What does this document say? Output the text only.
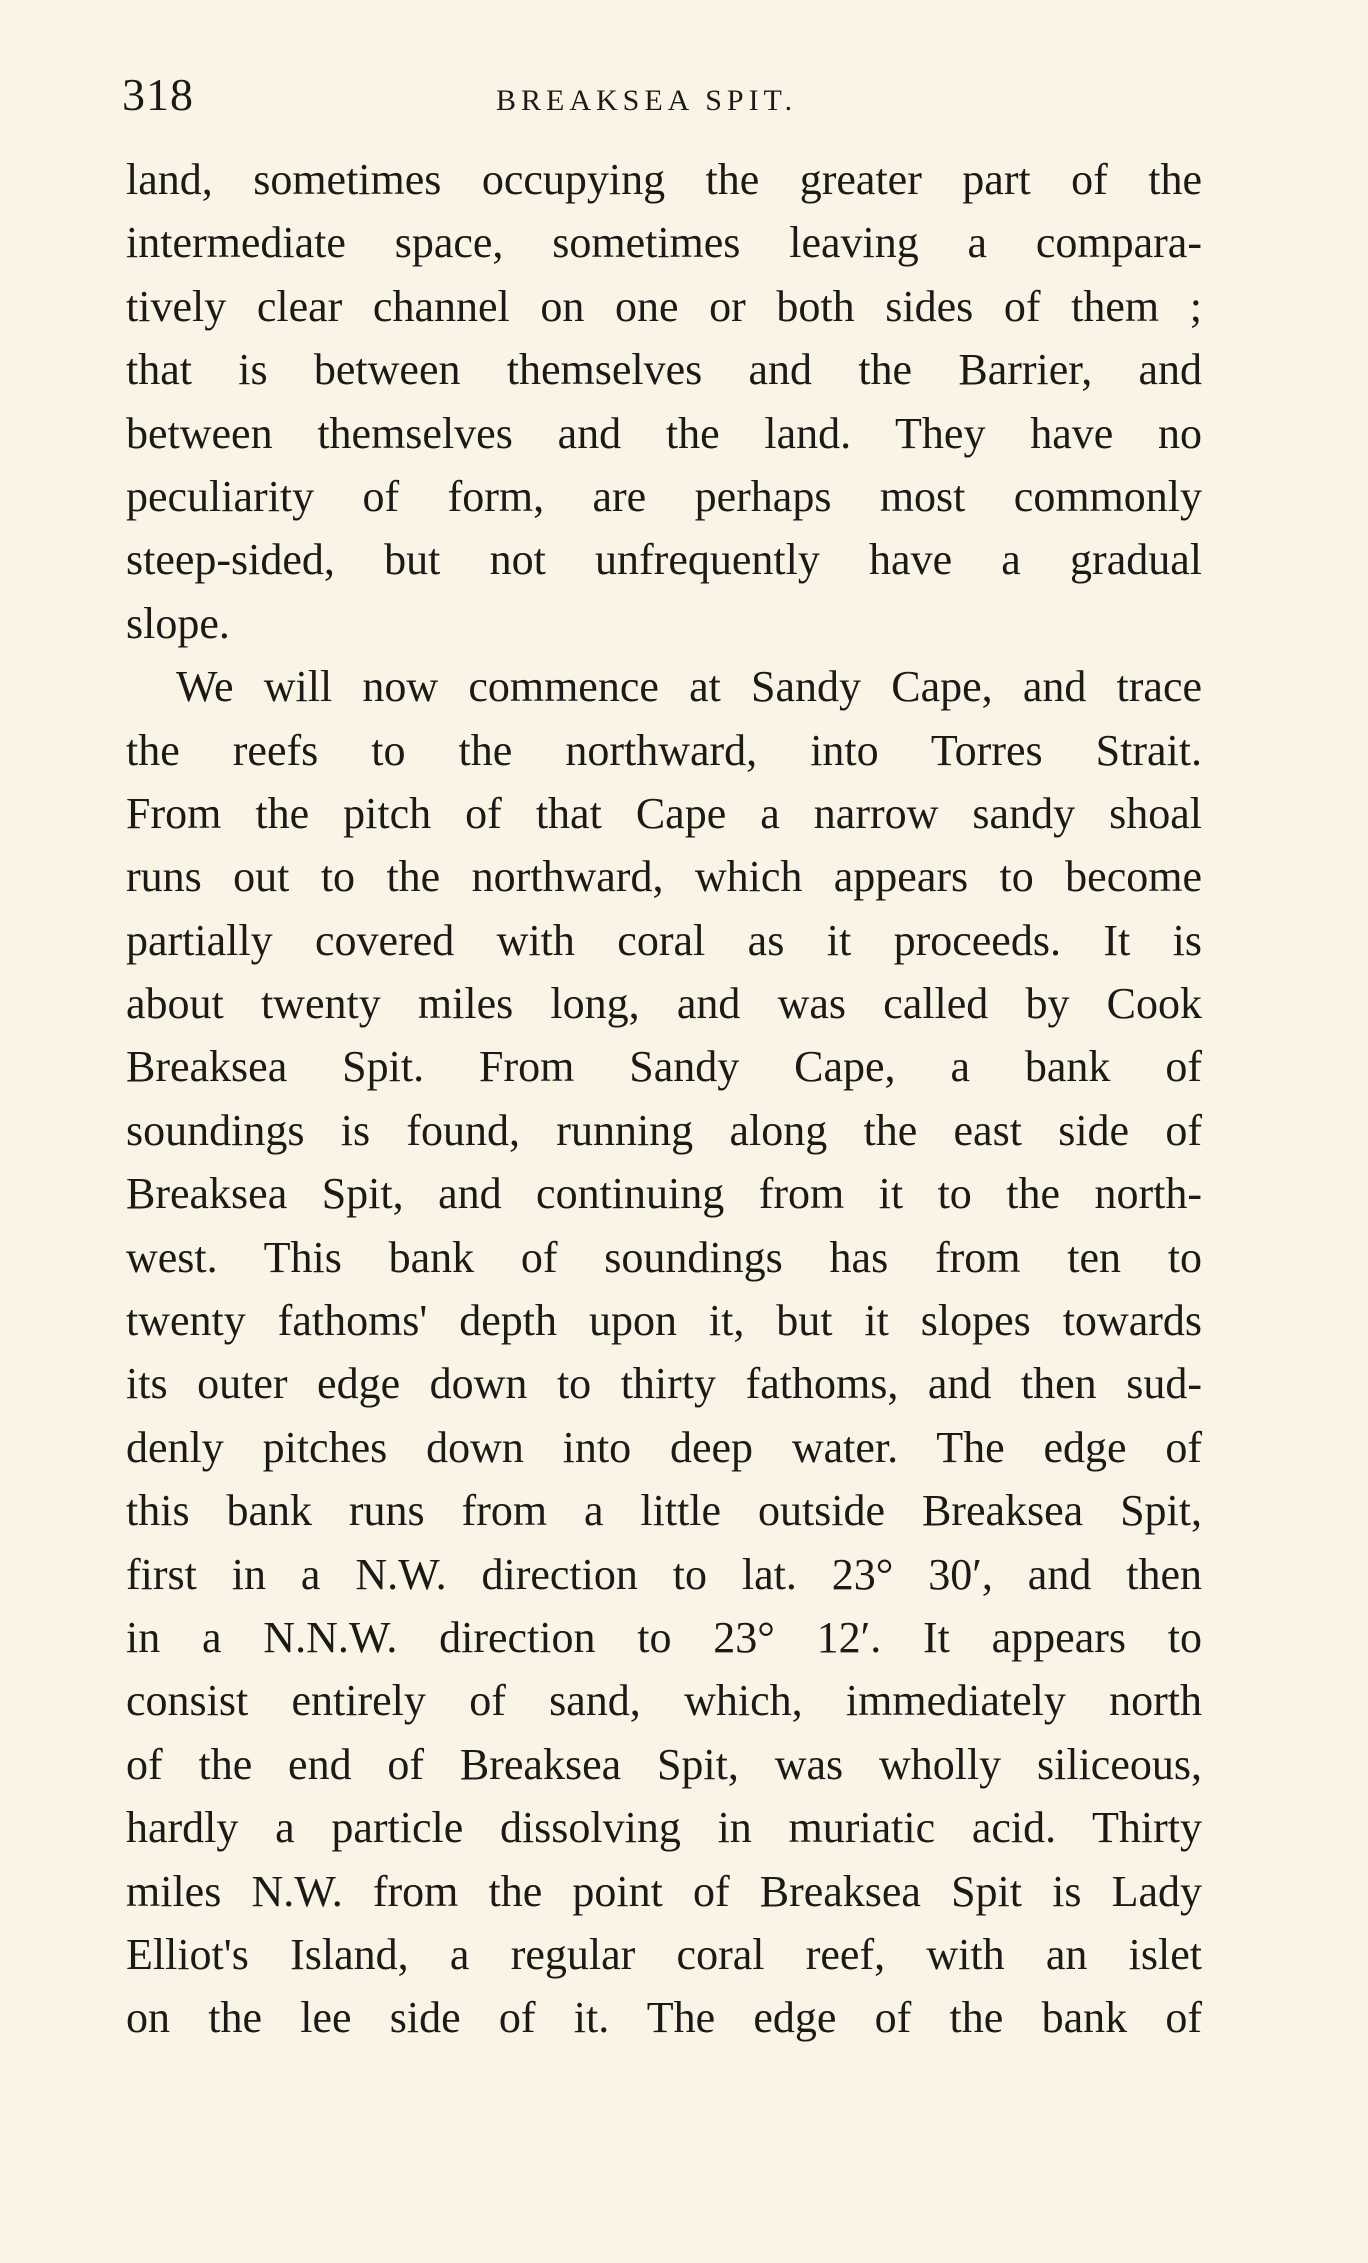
318	BREAKSEA SPIT.
land, sometimes occupying the greater part of the
intermediate space, sometimes leaving a compara-
tively clear channel on one or both sides of them ;
that is between themselves and the Barrier, and
between themselves and the land. They have no
peculiarity of form, are perhaps most commonly
steep-sided, but not unfrequently have a gradual
slope.
We will now commence at Sandy Cape, and trace
the reefs to the northward, into Torres Strait.
From the pitch of that Cape a narrow sandy shoal
runs out to the northward, which appears to become
partially covered with coral as it proceeds. It is
about twenty miles long, and was called by Cook
Breaksea Spit. From Sandy Cape, a bank of
soundings is found, running along the east side of
Breaksea Spit, and continuing from it to the north-
west. This bank of soundings has from ten to
twenty fathoms' depth upon it, but it slopes towards
its outer edge down to thirty fathoms, and then sud-
denly pitches down into deep water. The edge of
this bank runs from a little outside Breaksea Spit,
first in a N.W. direction to lat. 23° 30′, and then
in a N.N.W. direction to 23° 12′. It appears to
consist entirely of sand, which, immediately north
of the end of Breaksea Spit, was wholly siliceous,
hardly a particle dissolving in muriatic acid. Thirty
miles N.W. from the point of Breaksea Spit is Lady
Elliot's Island, a regular coral reef, with an islet
on the lee side of it. The edge of the bank of
